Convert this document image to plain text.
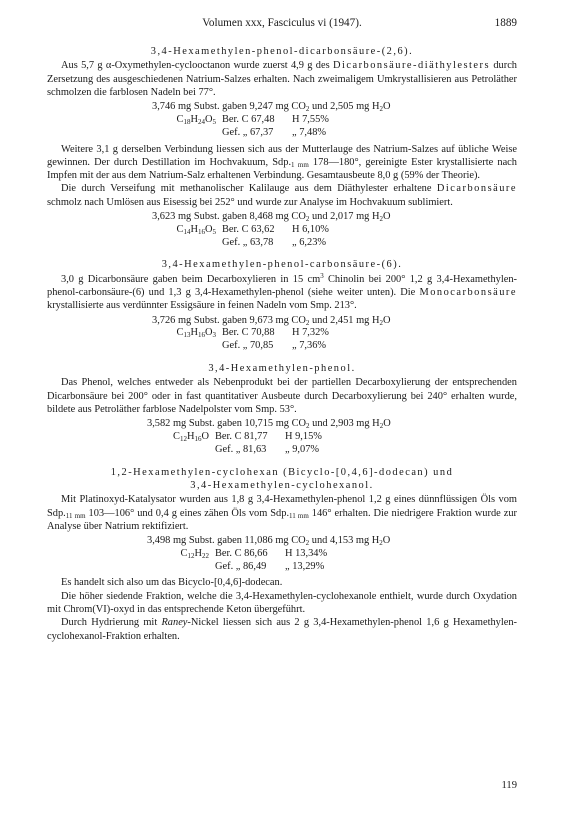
Volumen xxx, Fasciculus vi (1947).	1889
3,4-Hexamethylen-phenol-dicarbonsäure-(2,6).

Aus 5,7 g α-Oxymethylen-cyclooctanon wurde zuerst 4,9 g des Dicarbonsäure-diäthylesters durch Zersetzung des ausgeschiedenen Natrium-Salzes erhalten. Nach zweimaligem Umkrystallisieren aus Petroläther schmolzen die farblosen Nadeln bei 77°.

3,746 mg Subst. gaben 9,247 mg $CO_2$ und 2,505 mg $H_2O$
$C_{18}H_{24}O_5$ Ber. C 67,48	H 7,55%
Gef. „ 67,37	„ 7,48%

Weitere 3,1 g derselben Verbindung liessen sich aus der Mutterlauge des Natrium-Salzes auf übliche Weise gewinnen. Der durch Destillation im Hochvakuum, $Sdp._{1 mm}$ 178—180°, gereinigte Ester krystallisierte nach Impfen mit der aus dem Natrium-Salz erhaltenen Verbindung. Gesamtausbeute 8,0 g (59% der Theorie).

Die durch Verseifung mit methanolischer Kalilauge aus dem Diäthylester erhaltene Dicarbonsäure schmolz nach Umlösen aus Eisessig bei 252° und wurde zur Analyse im Hochvakuum sublimiert.

3,623 mg Subst. gaben 8,468 mg $CO_2$ und 2,017 mg $H_2O$
$C_{14}H_{16}O_5$ Ber. C 63,62	H 6,10%
Gef. „ 63,78	„ 6,23%
3,4-Hexamethylen-phenol-carbonsäure-(6).

3,0 g Dicarbonsäure gaben beim Decarboxylieren in 15 $cm^3$ Chinolin bei 200° 1,2 g 3,4-Hexamethylen-phenol-carbonsäure-(6) und 1,3 g 3,4-Hexamethylen-phenol (siehe weiter unten). Die Monocarbonsäure krystallisierte aus verdünnter Essigsäure in feinen Nadeln vom Smp. 213°.

3,726 mg Subst. gaben 9,673 mg $CO_2$ und 2,451 mg $H_2O$
$C_{13}H_{16}O_3$ Ber. C 70,88	H 7,32%
Gef. „ 70,85	„ 7,36%
3,4-Hexamethylen-phenol.

Das Phenol, welches entweder als Nebenprodukt bei der partiellen Decarboxylierung der entsprechenden Dicarbonsäure bei 200° oder in fast quantitativer Ausbeute durch Decarboxylierung bei 240° erhalten wurde, bildete aus Petroläther farblose Nadelpolster vom Smp. 53°.

3,582 mg Subst. gaben 10,715 mg $CO_2$ und 2,903 mg $H_2O$
$C_{12}H_{16}O$ Ber. C 81,77	H 9,15%
Gef. „ 81,63	„ 9,07%
1,2-Hexamethylen-cyclohexan (Bicyclo-[0,4,6]-dodecan) und
3,4-Hexamethylen-cyclohexanol.

Mit Platinoxyd-Katalysator wurden aus 1,8 g 3,4-Hexamethylen-phenol 1,2 g eines dünnflüssigen Öls vom $Sdp._{11 mm}$ 103—106° und 0,4 g eines zähen Öls vom $Sdp._{11 mm}$ 146° erhalten. Die niedrigere Fraktion wurde zur Analyse über Natrium rektifiziert.

3,498 mg Subst. gaben 11,086 mg $CO_2$ und 4,153 mg $H_2O$
$C_{12}H_{22}$ Ber. C 86,66	H 13,34%
Gef. „ 86,49	„ 13,29%

Es handelt sich also um das Bicyclo-[0,4,6]-dodecan.

Die höher siedende Fraktion, welche die 3,4-Hexamethylen-cyclohexanole enthielt, wurde durch Oxydation mit Chrom(VI)-oxyd in das entsprechende Keton übergeführt.

Durch Hydrierung mit Raney-Nickel liessen sich aus 2 g 3,4-Hexamethylen-phenol 1,6 g Hexamethylen-cyclohexanol-Fraktion erhalten.

119
